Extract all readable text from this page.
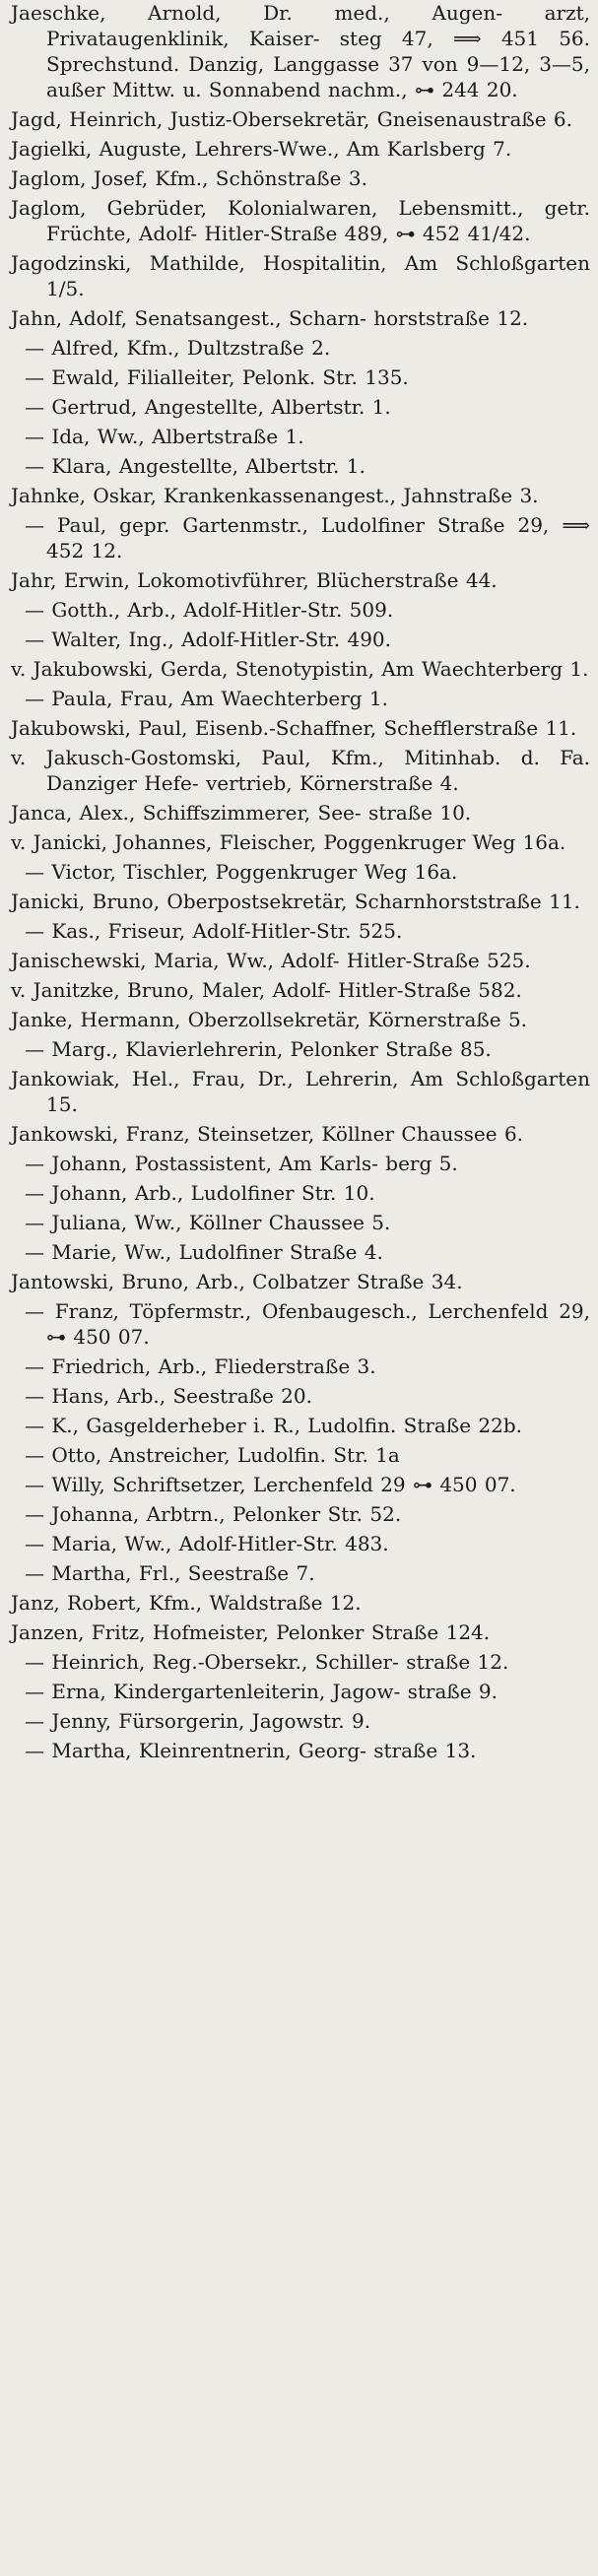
Jaeschke, Arnold, Dr. med., Augen- arzt, Privataugenklinik, Kaiser- steg 47, ⟹ 451 56. Sprechstund. Danzig, Langgasse 37 von 9—12, 3—5, außer Mittw. u. Sonnabend nachm., ⊶ 244 20.
Jagd, Heinrich, Justiz-Obersekretär, Gneisenaustraße 6.
Jagielki, Auguste, Lehrers-Wwe., Am Karlsberg 7.
Jaglom, Josef, Kfm., Schönstraße 3.
Jaglom, Gebrüder, Kolonialwaren, Lebensmitt., getr. Früchte, Adolf- Hitler-Straße 489, ⊶ 452 41/42.
Jagodzinski, Mathilde, Hospitalitin, Am Schloßgarten 1/5.
Jahn, Adolf, Senatsangest., Scharn- horststraße 12.
— Alfred, Kfm., Dultzstraße 2.
— Ewald, Filialleiter, Pelonk. Str. 135.
— Gertrud, Angestellte, Albertstr. 1.
— Ida, Ww., Albertstraße 1.
— Klara, Angestellte, Albertstr. 1.
Jahnke, Oskar, Krankenkassenangest., Jahnstraße 3.
— Paul, gepr. Gartenmstr., Ludolfiner Straße 29, ⟹ 452 12.
Jahr, Erwin, Lokomotivführer, Blücherstraße 44.
— Gotth., Arb., Adolf-Hitler-Str. 509.
— Walter, Ing., Adolf-Hitler-Str. 490.
v. Jakubowski, Gerda, Stenotypistin, Am Waechterberg 1.
— Paula, Frau, Am Waechterberg 1.
Jakubowski, Paul, Eisenb.-Schaffner, Schefflerstraße 11.
v. Jakusch-Gostomski, Paul, Kfm., Mitinhab. d. Fa. Danziger Hefe- vertrieb, Körnerstraße 4.
Janca, Alex., Schiffszimmerer, See- straße 10.
v. Janicki, Johannes, Fleischer, Poggenkruger Weg 16a.
— Victor, Tischler, Poggenkruger Weg 16a.
Janicki, Bruno, Oberpostsekretär, Scharnhorststraße 11.
— Kas., Friseur, Adolf-Hitler-Str. 525.
Janischewski, Maria, Ww., Adolf- Hitler-Straße 525.
v. Janitzke, Bruno, Maler, Adolf- Hitler-Straße 582.
Janke, Hermann, Oberzollsekretär, Körnerstraße 5.
— Marg., Klavierlehrerin, Pelonker Straße 85.
Jankowiak, Hel., Frau, Dr., Lehrerin, Am Schloßgarten 15.
Jankowski, Franz, Steinsetzer, Köllner Chaussee 6.
— Johann, Postassistent, Am Karls- berg 5.
— Johann, Arb., Ludolfiner Str. 10.
— Juliana, Ww., Köllner Chaussee 5.
— Marie, Ww., Ludolfiner Straße 4.
Jantowski, Bruno, Arb., Colbatzer Straße 34.
— Franz, Töpfermstr., Ofenbaugesch., Lerchenfeld 29, ⊶ 450 07.
— Friedrich, Arb., Fliederstraße 3.
— Hans, Arb., Seestraße 20.
— K., Gasgelderheber i. R., Ludolfin. Straße 22b.
— Otto, Anstreicher, Ludolfin. Str. 1a
— Willy, Schriftsetzer, Lerchenfeld 29 ⊶ 450 07.
— Johanna, Arbtrn., Pelonker Str. 52.
— Maria, Ww., Adolf-Hitler-Str. 483.
— Martha, Frl., Seestraße 7.
Janz, Robert, Kfm., Waldstraße 12.
Janzen, Fritz, Hofmeister, Pelonker Straße 124.
— Heinrich, Reg.-Obersekr., Schiller- straße 12.
— Erna, Kindergartenleiterin, Jagow- straße 9.
— Jenny, Fürsorgerin, Jagowstr. 9.
— Martha, Kleinrentnerin, Georg- straße 13.
